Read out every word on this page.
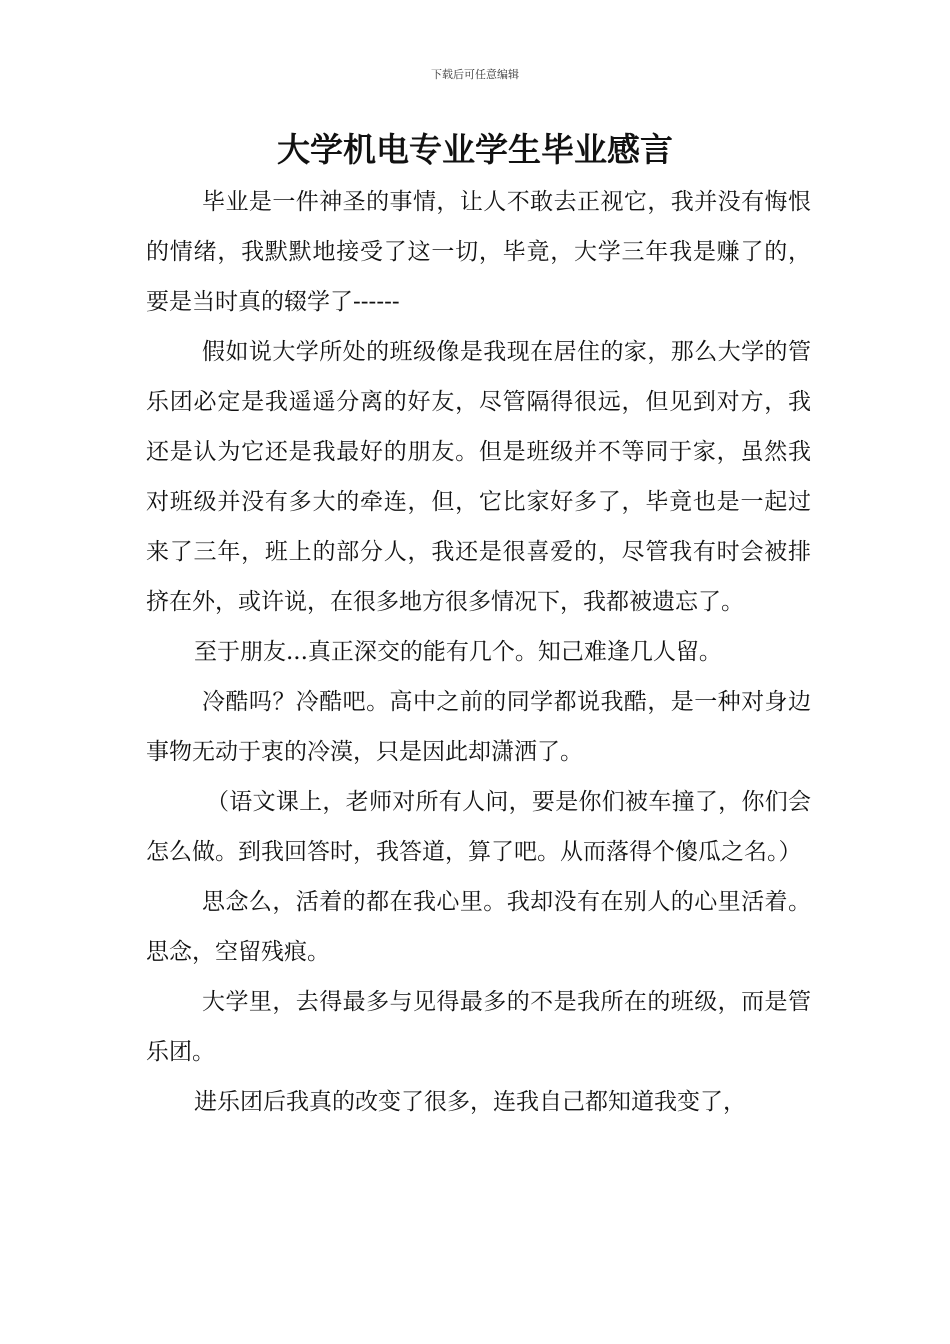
下载后可任意编辑
大学机电专业学生毕业感言

毕业是一件神圣的事情，让人不敢去正视它，我并没有悔恨的情绪，我默默地接受了这一切，毕竟，大学三年我是赚了的，要是当时真的辍学了------

假如说大学所处的班级像是我现在居住的家，那么大学的管乐团必定是我遥遥分离的好友，尽管隔得很远，但见到对方，我还是认为它还是我最好的朋友。但是班级并不等同于家，虽然我对班级并没有多大的牵连，但，它比家好多了，毕竟也是一起过来了三年，班上的部分人，我还是很喜爱的，尽管我有时会被排挤在外，或许说，在很多地方很多情况下，我都被遗忘了。

至于朋友...真正深交的能有几个。知己难逢几人留。

冷酷吗？冷酷吧。高中之前的同学都说我酷，是一种对身边事物无动于衷的冷漠，只是因此却潇洒了。

（语文课上，老师对所有人问，要是你们被车撞了，你们会怎么做。到我回答时，我答道，算了吧。从而落得个傻瓜之名。）

思念么，活着的都在我心里。我却没有在别人的心里活着。思念，空留残痕。

大学里，去得最多与见得最多的不是我所在的班级，而是管乐团。

进乐团后我真的改变了很多，连我自己都知道我变了，
